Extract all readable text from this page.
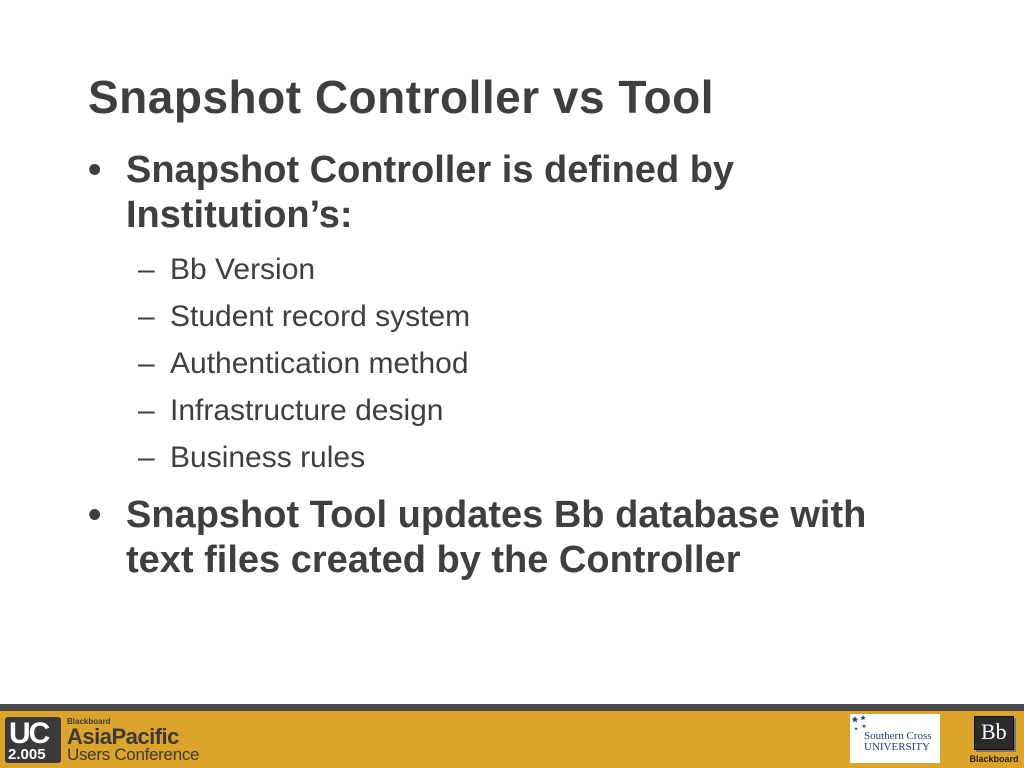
Snapshot Controller vs Tool
• Snapshot Controller is defined by Institution’s:
– Bb Version
– Student record system
– Authentication method
– Infrastructure design
– Business rules
• Snapshot Tool updates Bb database with text files created by the Controller
UC
2.005
Blackboard
AsiaPacific
Users Conference
Southern Cross
UNIVERSITY
Bb
Blackboard
